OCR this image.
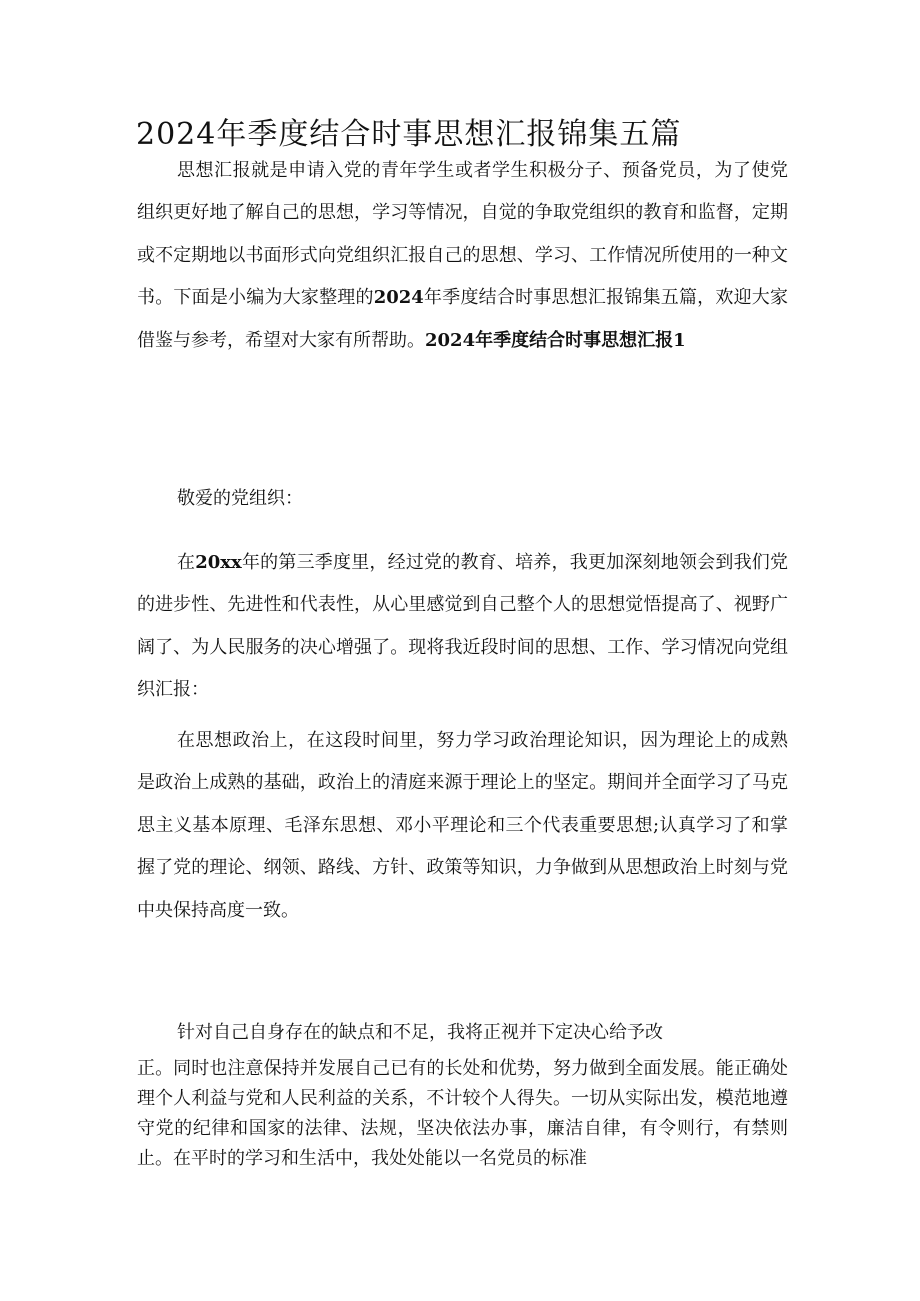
2024年季度结合时事思想汇报锦集五篇

思想汇报就是申请入党的青年学生或者学生积极分子、预备党员，为了使党组织更好地了解自己的思想，学习等情况，自觉的争取党组织的教育和监督，定期或不定期地以书面形式向党组织汇报自己的思想、学习、工作情况所使用的一种文书。下面是小编为大家整理的2024年季度结合时事思想汇报锦集五篇，欢迎大家借鉴与参考，希望对大家有所帮助。2024年季度结合时事思想汇报1

敬爱的党组织：

在20xx年的第三季度里，经过党的教育、培养，我更加深刻地领会到我们党的进步性、先进性和代表性，从心里感觉到自己整个人的思想觉悟提高了、视野广阔了、为人民服务的决心增强了。现将我近段时间的思想、工作、学习情况向党组织汇报：

在思想政治上，在这段时间里，努力学习政治理论知识，因为理论上的成熟是政治上成熟的基础，政治上的清庭来源于理论上的坚定。期间并全面学习了马克思主义基本原理、毛泽东思想、邓小平理论和三个代表重要思想;认真学习了和掌握了党的理论、纲领、路线、方针、政策等知识，力争做到从思想政治上时刻与党中央保持高度一致。

针对自己自身存在的缺点和不足，我将正视并下定决心给予改

正。同时也注意保持并发展自己已有的长处和优势，努力做到全面发展。能正确处理个人利益与党和人民利益的关系，不计较个人得失。一切从实际出发，模范地遵守党的纪律和国家的法律、法规，坚决依法办事，廉洁自律，有令则行，有禁则止。在平时的学习和生活中，我处处能以一名党员的标准
